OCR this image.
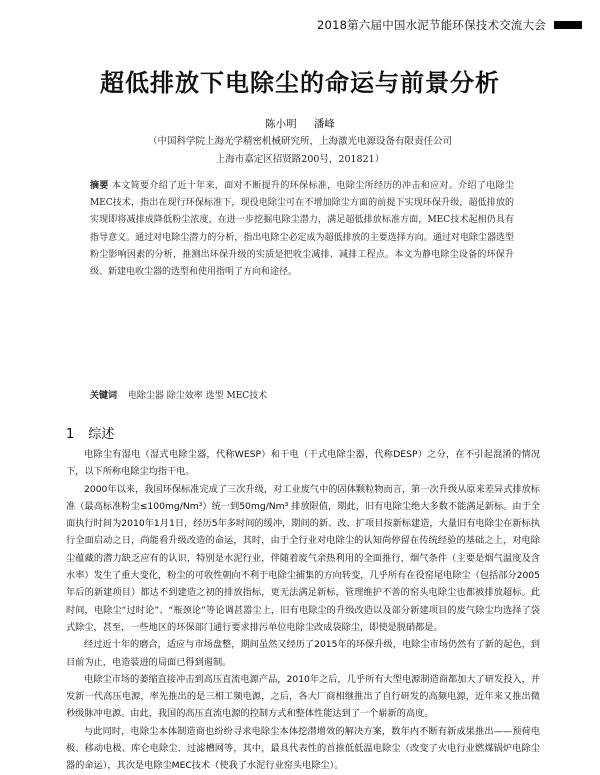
2018第六届中国水泥节能环保技术交流大会
超低排放下电除尘的命运与前景分析
陈小明 潘峰
（中国科学院上海光学精密机械研究所，上海激光电源设备有限责任公司
上海市嘉定区招贤路200号，201821）
摘要 本文简要介绍了近十年来，面对不断提升的环保标准，电除尘所经历的冲击和应对。介绍了电除尘MEC技术，指出在现行环保标准下，现役电除尘可在不增加除尘方面的前提下实现环保升级，超低排放的实现即将减排成降低粉尘浓度，在进一步挖掘电除尘潜力，满足超低排放标准方面，MEC技术起相仍具有指导意义。通过对电除尘潜力的分析，指出电除尘必定成为超低排放的主要选择方向。通过对电除尘器选型粉尘影响因素的分析，推测出环保升级的实质是把收尘减排、减排工程点。本文为静电除尘设备的环保升级、新建电收尘器的选型和使用指明了方向和途径。
关键词 电除尘器 除尘效率 选型 MEC技术
1 综述

电除尘有湿电（湿式电除尘器，代称WESP）和干电（干式电除尘器，代称DESP）之分，在不引起混淆的情况下，以下所称电除尘均指干电。

2000年以来，我国环保标准完成了三次升级，对工业废气中的固体颗粒物而言，第一次升级从原来差异式排放标准（最高标准粉尘≤100mg/Nm³）统一到50mg/Nm³ 排放限值，期此，旧有电除尘绝大多数不能满足新标。由于全面执行时间为2010年1月1日，经历5年多时间的缓冲，期间的新、改、扩项目按新标建造，大量旧有电除尘在新标执行全面启动之日，尚能看升级改造的命运，其时，由于全行业对电除尘的认知尚停留在传统经验的基础之上，对电除尘蕴藏的潜力缺乏应有的认识，特别是水泥行业，伴随着废气余热利用的全面推行，烟气条件（主要是烟气温度及含水率）发生了重大变化，粉尘的可收性朝向不利于电除尘捕集的方向转变，几乎所有在役窑尾电除尘（包括部分2005年后的新建项目）都达不到建造之初的排放指标，更无法满足新标，管理维护不善的窑头电除尘也都被排放超标。此时间，电除尘“过时论”、“瓶颈论”等论调甚嚣尘上，旧有电除尘的升级改造以及部分新建项目的废气除尘均选择了袋式除尘，甚至，一些地区的环保部门通行要求排污单位电除尘改成袋除尘，即使是脱硝都是。

经过近十年的磨合，适应与市场盘整，期间虽然又经历了2015年的环保升级，电除尘市场仍然有了新的起色，到目前为止，电造装进的局面已得到遏制。

电除尘市场的萎缩直接冲击到高压直流电源产品，2010年之后，几乎所有大型电源制造商都加大了研发投入，并发新一代高压电源，率先推出的是三相工频电源，之后，各大厂商相继推出了自行研发的高频电源，近年来又推出微秒级脉冲电源。由此，我国的高压直流电源的控制方式和整体性能达到了一个崭新的高度。

与此同时，电除尘本体制造商也纷纷寻求电除尘本体挖潜增效的解决方案，数年内不断有新成果推出——预荷电极、移动电极、库仑电除尘、过滤槽网等，其中，最具代表性的首推低低温电除尘（改变了火电行业燃煤锅炉电除尘器的命运），其次是电除尘MEC技术（使我了水泥行业窑头电除尘）。
